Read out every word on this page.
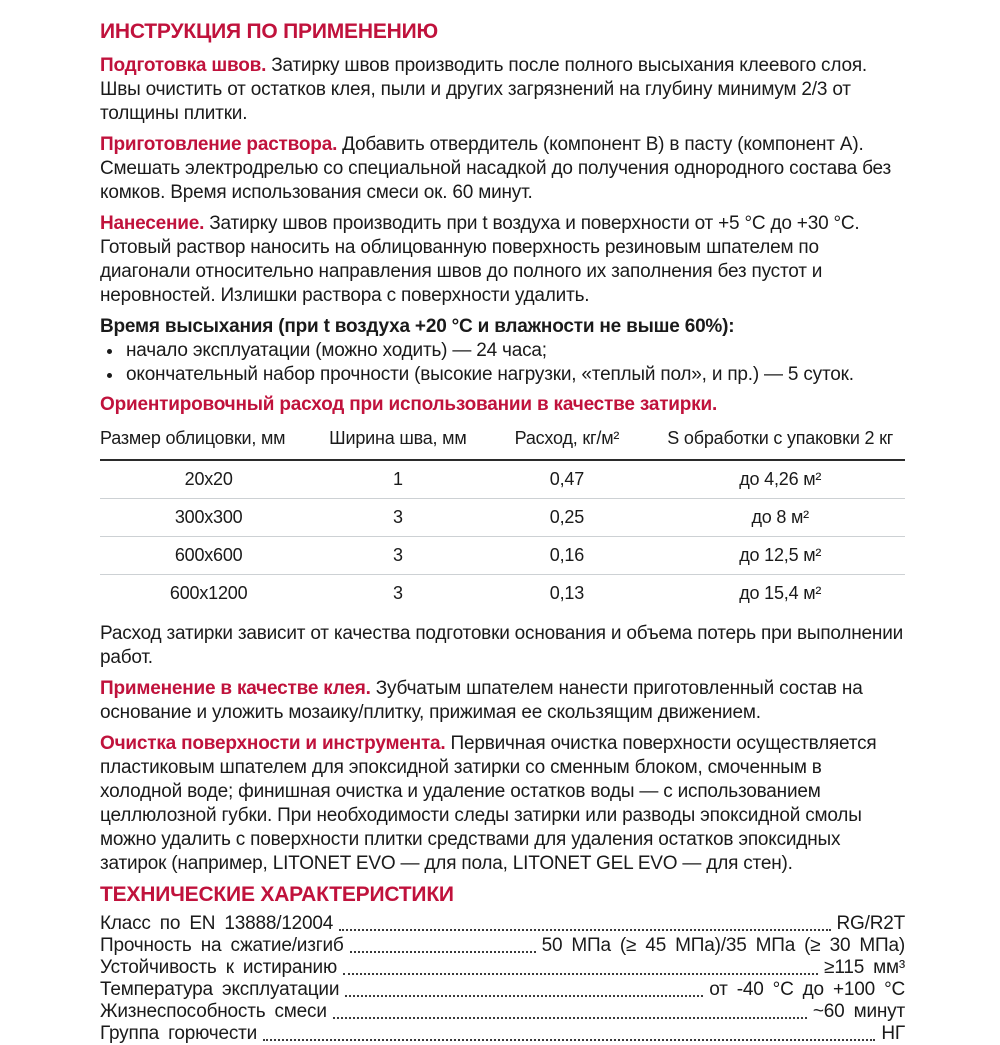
ИНСТРУКЦИЯ ПО ПРИМЕНЕНИЮ

Подготовка швов. Затирку швов производить после полного высыхания клеевого слоя. Швы очистить от остатков клея, пыли и других загрязнений на глубину минимум 2/3 от толщины плитки.

Приготовление раствора. Добавить отвердитель (компонент B) в пасту (компонент A). Смешать электродрелью со специальной насадкой до получения однородного состава без комков. Время использования смеси ок. 60 минут.

Нанесение. Затирку швов производить при t воздуха и поверхности от +5 °C до +30 °C. Готовый раствор наносить на облицованную поверхность резиновым шпателем по диагонали относительно направления швов до полного их заполнения без пустот и неровностей. Излишки раствора с поверхности удалить.

Время высыхания (при t воздуха +20 °C и влажности не выше 60%):
• начало эксплуатации (можно ходить) — 24 часа;
• окончательный набор прочности (высокие нагрузки, «теплый пол», и пр.) — 5 суток.
Ориентировочный расход при использовании в качестве затирки.
Размер облицовки, мм	Ширина шва, мм	Расход, кг/м²	S обработки с упаковки 2 кг
20x20	1	0,47	до 4,26 м²
300x300	3	0,25	до 8 м²
600x600	3	0,16	до 12,5 м²
600x1200	3	0,13	до 15,4 м²

Расход затирки зависит от качества подготовки основания и объема потерь при выполнении работ.

Применение в качестве клея. Зубчатым шпателем нанести приготовленный состав на основание и уложить мозаику/плитку, прижимая ее скользящим движением.

Очистка поверхности и инструмента. Первичная очистка поверхности осуществляется пластиковым шпателем для эпоксидной затирки со сменным блоком, смоченным в холодной воде; финишная очистка и удаление остатков воды — с использованием целлюлозной губки. При необходимости следы затирки или разводы эпоксидной смолы можно удалить с поверхности плитки средствами для удаления остатков эпоксидных затирок (например, LITONET EVO — для пола, LITONET GEL EVO — для стен).

ТЕХНИЧЕСКИЕ ХАРАКТЕРИСТИКИ
Класс по EN 13888/12004	RG/R2T
Прочность на сжатие/изгиб	50 МПа (≥ 45 МПа)/35 МПа (≥ 30 МПа)
Устойчивость к истиранию	≥115 мм³
Температура эксплуатации	от -40 °C до +100 °C
Жизнеспособность смеси	~60 минут
Группа горючести	НГ
